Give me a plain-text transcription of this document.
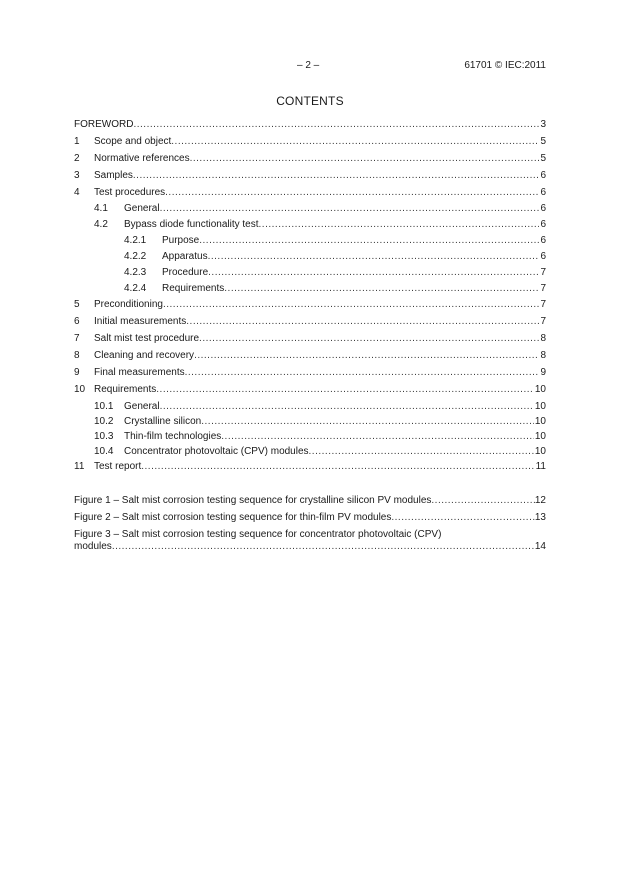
– 2 –	61701 © IEC:2011
CONTENTS
FOREWORD .....	3
1	Scope and object .....	5
2	Normative references .....	5
3	Samples .....	6
4	Test procedures .....	6
4.1	General .....	6
4.2	Bypass diode functionality test .....	6
4.2.1	Purpose .....	6
4.2.2	Apparatus .....	6
4.2.3	Procedure .....	7
4.2.4	Requirements .....	7
5	Preconditioning .....	7
6	Initial measurements .....	7
7	Salt mist test procedure .....	8
8	Cleaning and recovery .....	8
9	Final measurements .....	9
10 Requirements .....	10
10.1	General .....	10
10.2	Crystalline silicon .....	10
10.3	Thin-film technologies .....	10
10.4	Concentrator photovoltaic (CPV) modules .....	10
11 Test report .....	11
Figure 1 – Salt mist corrosion testing sequence for crystalline silicon PV modules .....	12
Figure 2 – Salt mist corrosion testing sequence for thin-film PV modules .....	13
Figure 3 – Salt mist corrosion testing sequence for concentrator photovoltaic (CPV)
modules .....	14
